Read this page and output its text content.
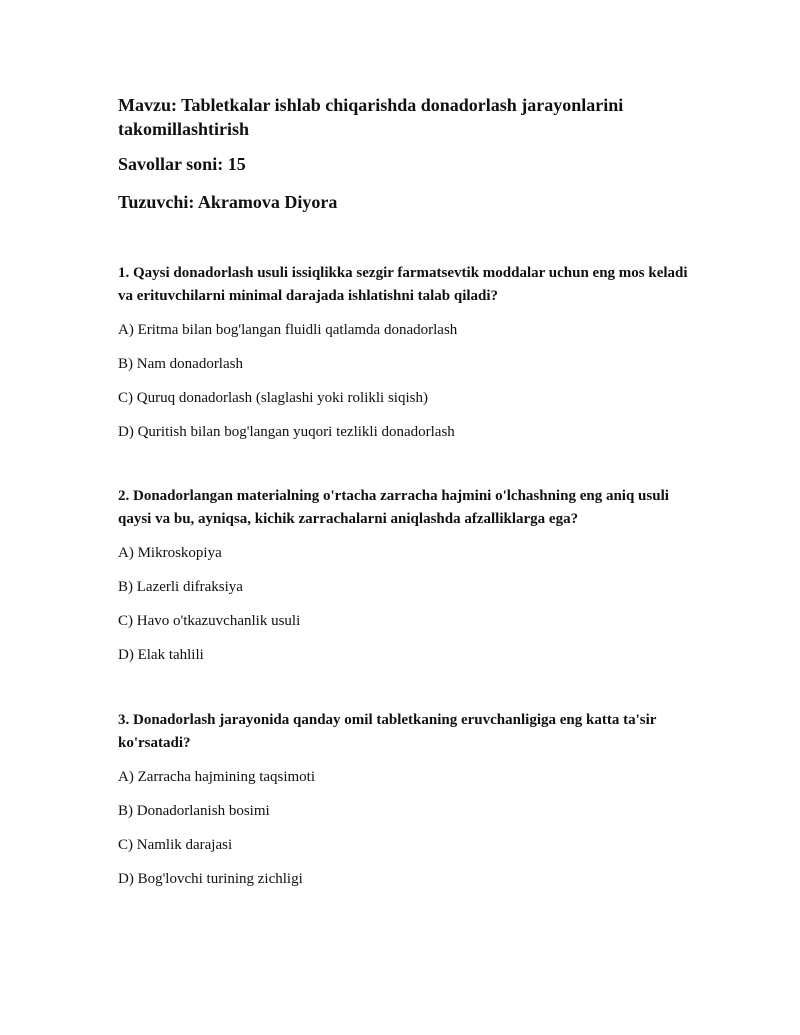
Mavzu: Tabletkalar ishlab chiqarishda donadorlash jarayonlarini takomillashtirish

Savollar soni: 15

Tuzuvchi: Akramova Diyora

1. Qaysi donadorlash usuli issiqlikka sezgir farmatsevtik moddalar uchun eng mos keladi va erituvchilarni minimal darajada ishlatishni talab qiladi?

A) Eritma bilan bog'langan fluidli qatlamda donadorlash

B) Nam donadorlash

C) Quruq donadorlash (slaglashi yoki rolikli siqish)

D) Quritish bilan bog'langan yuqori tezlikli donadorlash

2. Donadorlangan materialning o'rtacha zarracha hajmini o'lchashning eng aniq usuli qaysi va bu, ayniqsa, kichik zarrachalarni aniqlashda afzalliklarga ega?

A) Mikroskopiya

B) Lazerli difraksiya

C) Havo o'tkazuvchanlik usuli

D) Elak tahlili

3. Donadorlash jarayonida qanday omil tabletkaning eruvchanligiga eng katta ta'sir ko'rsatadi?

A) Zarracha hajmining taqsimoti

B) Donadorlanish bosimi

C) Namlik darajasi

D) Bog'lovchi turining zichligi
